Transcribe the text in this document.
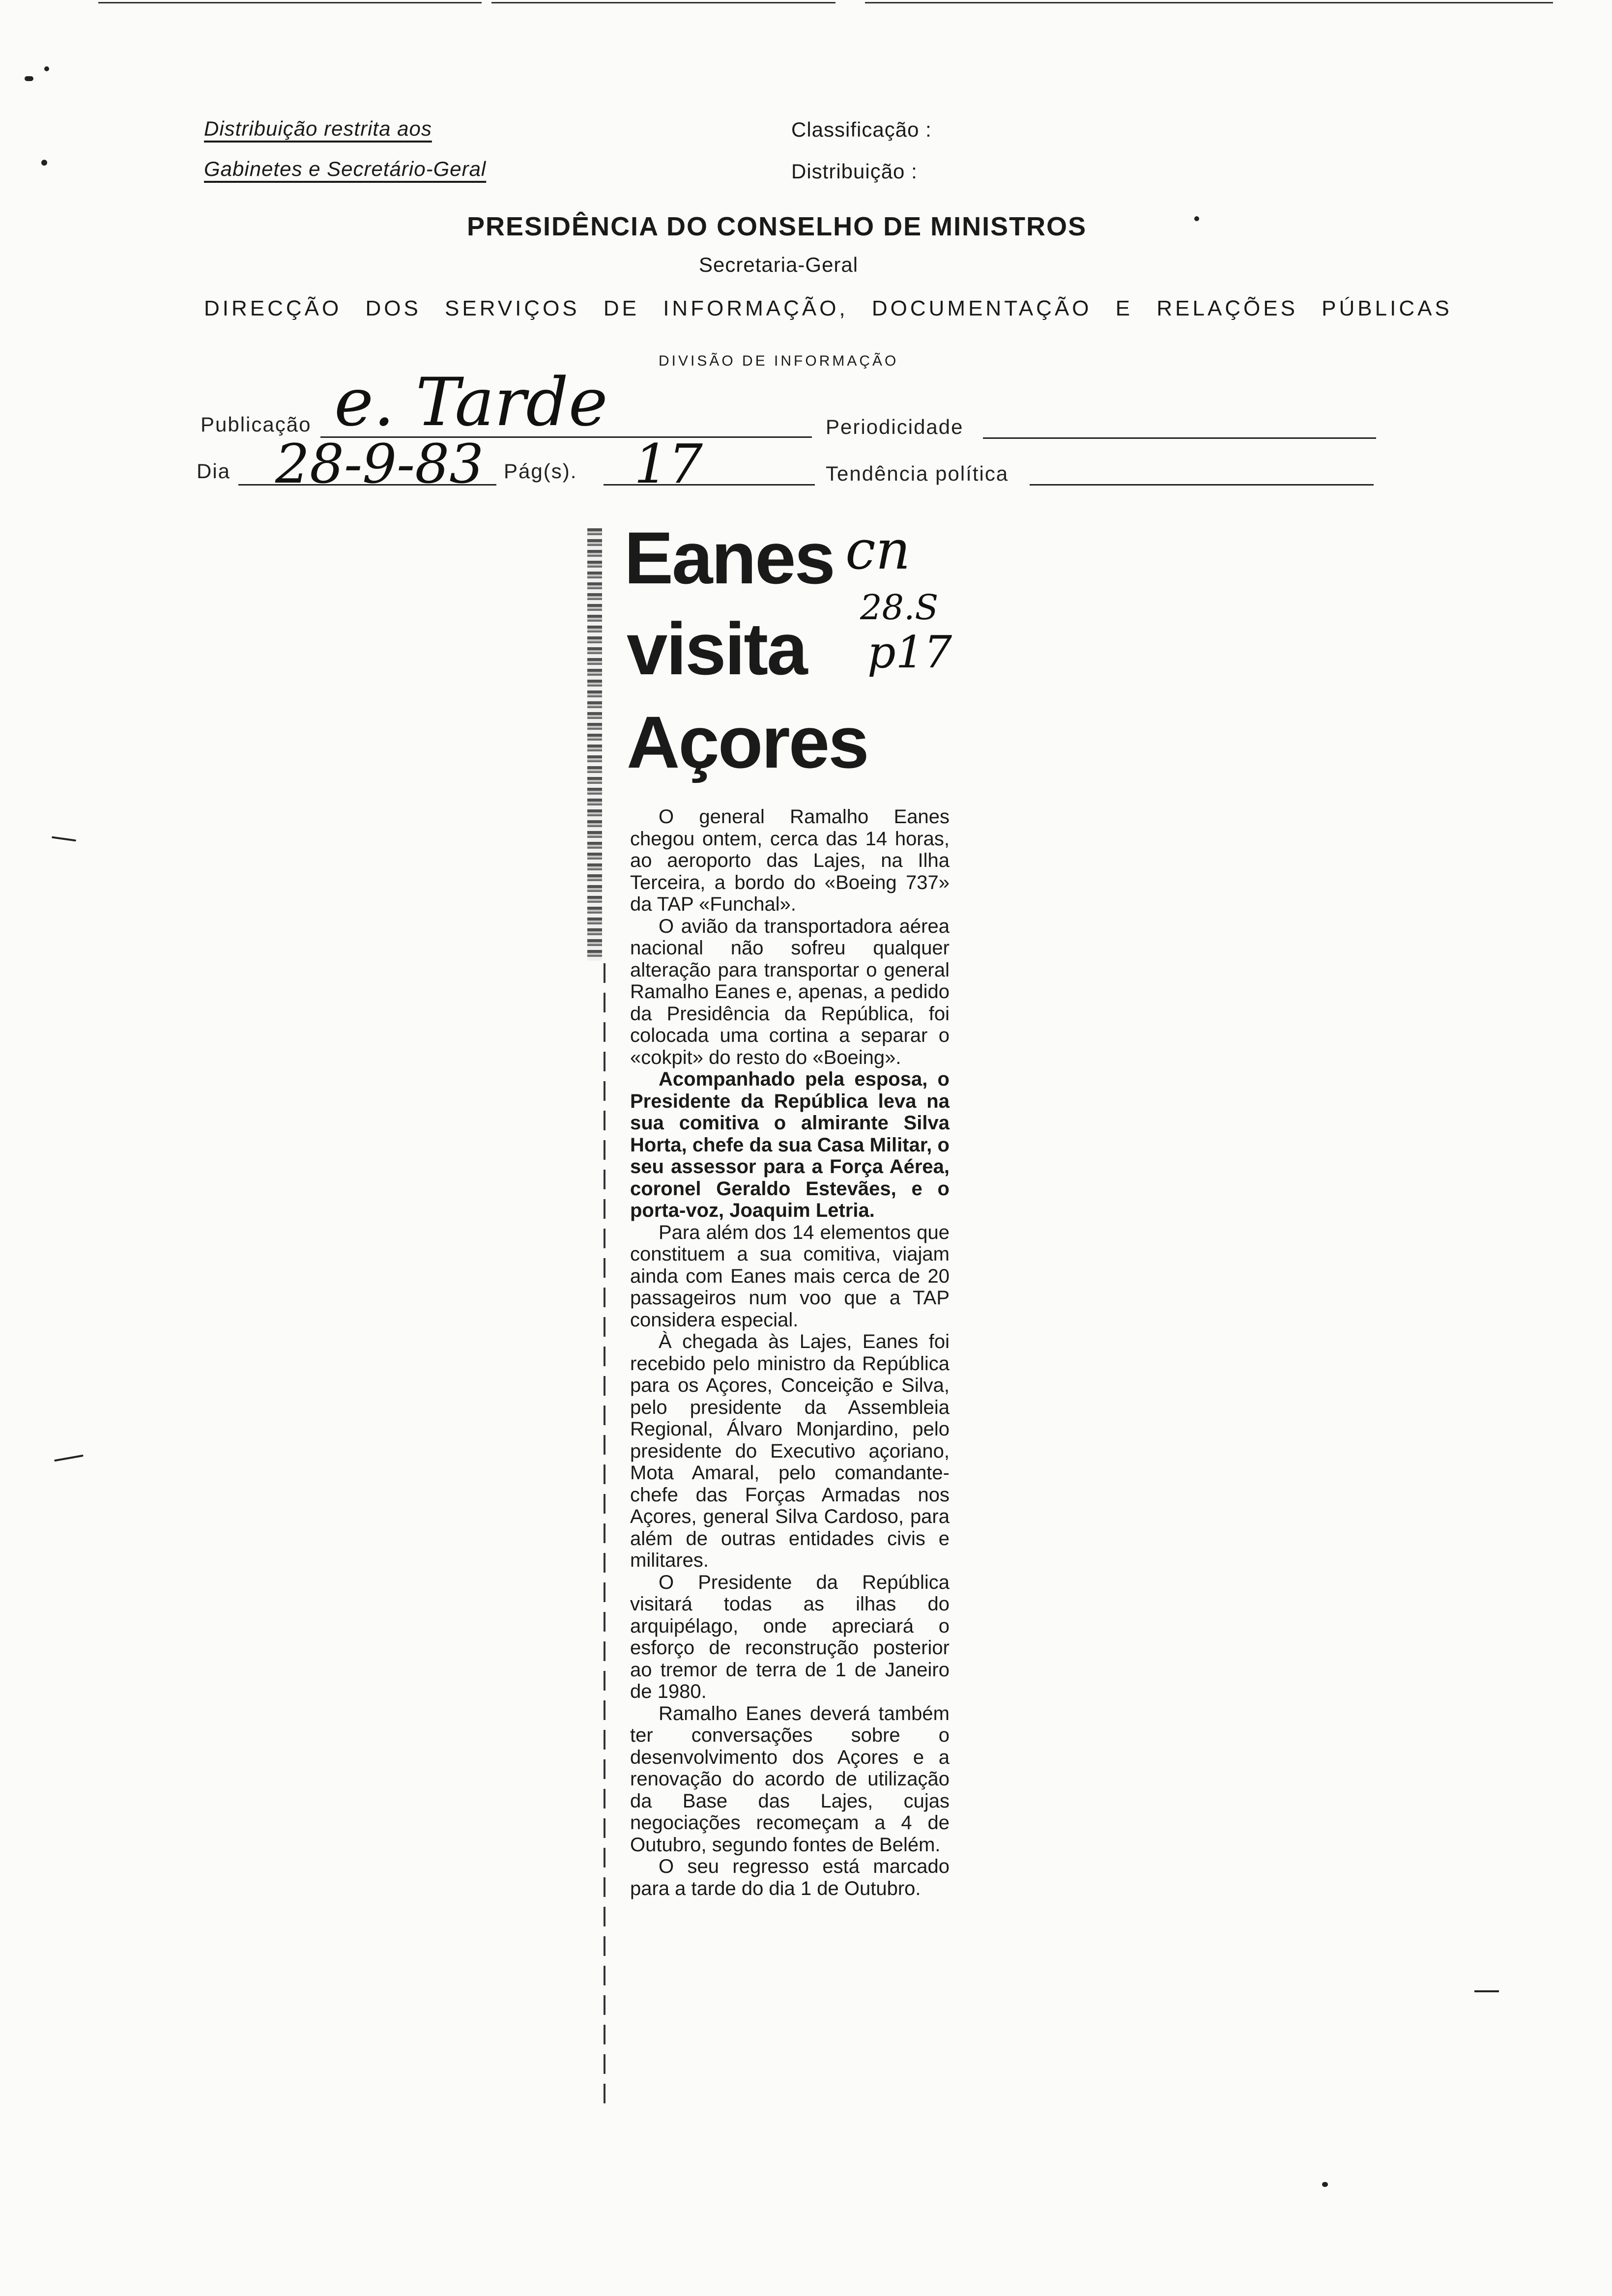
Distribuição restrita aos
Gabinetes e Secretário-Geral
Classificação :
Distribuição :
PRESIDÊNCIA DO CONSELHO DE MINISTROS
Secretaria-Geral
DIRECÇÃO DOS SERVIÇOS DE INFORMAÇÃO, DOCUMENTAÇÃO E RELAÇÕES PÚBLICAS
DIVISÃO DE INFORMAÇÃO
Publicação e. Tarde	Periodicidade
Dia 28-9-83 Pág(s). 17	Tendência política
Eanes
visita
Açores
cn
28.S
p17

O general Ramalho Eanes chegou ontem, cerca das 14 horas, ao aeroporto das Lajes, na Ilha Terceira, a bordo do «Boeing 737» da TAP «Funchal».

O avião da transportadora aérea nacional não sofreu qualquer alteração para transportar o general Ramalho Eanes e, apenas, a pedido da Presidência da República, foi colocada uma cortina a separar o «cokpit» do resto do «Boeing».

Acompanhado pela esposa, o Presidente da República leva na sua comitiva o almirante Silva Horta, chefe da sua Casa Militar, o seu assessor para a Força Aérea, coronel Geraldo Estevães, e o porta-voz, Joaquim Letria.

Para além dos 14 elementos que constituem a sua comitiva, viajam ainda com Eanes mais cerca de 20 passageiros num voo que a TAP considera especial.

À chegada às Lajes, Eanes foi recebido pelo ministro da República para os Açores, Conceição e Silva, pelo presidente da Assembleia Regional, Álvaro Monjardino, pelo presidente do Executivo açoriano, Mota Amaral, pelo comandante-chefe das Forças Armadas nos Açores, general Silva Cardoso, para além de outras entidades civis e militares.

O Presidente da República visitará todas as ilhas do arquipélago, onde apreciará o esforço de reconstrução posterior ao tremor de terra de 1 de Janeiro de 1980.

Ramalho Eanes deverá também ter conversações sobre o desenvolvimento dos Açores e a renovação do acordo de utilização da Base das Lajes, cujas negociações recomeçam a 4 de Outubro, segundo fontes de Belém.

O seu regresso está marcado para a tarde do dia 1 de Outubro.
